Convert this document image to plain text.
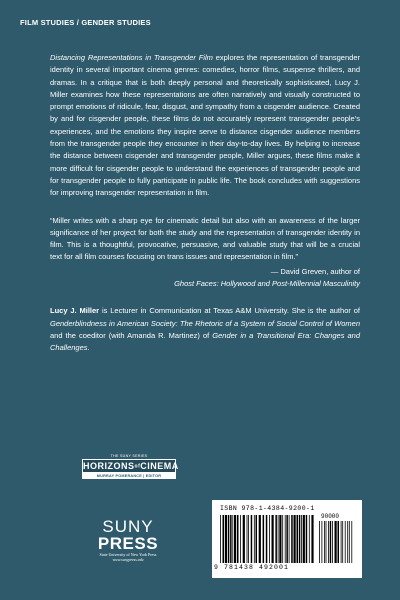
FILM STUDIES / GENDER STUDIES

Distancing Representations in Transgender Film explores the representation of transgender identity in several important cinema genres: comedies, horror films, suspense thrillers, and dramas. In a critique that is both deeply personal and theoretically sophisticated, Lucy J. Miller examines how these representations are often narratively and visually constructed to prompt emotions of ridicule, fear, disgust, and sympathy from a cisgender audience. Created by and for cisgender people, these films do not accurately represent transgender people’s experiences, and the emotions they inspire serve to distance cisgender audience members from the transgender people they encounter in their day-to-day lives. By helping to increase the distance between cisgender and transgender people, Miller argues, these films make it more difficult for cisgender people to understand the experiences of transgender people and for transgender people to fully participate in public life. The book concludes with suggestions for improving transgender representation in film.

“Miller writes with a sharp eye for cinematic detail but also with an awareness of the larger significance of her project for both the study and the representation of transgender identity in film. This is a thoughtful, provocative, persuasive, and valuable study that will be a crucial text for all film courses focusing on trans issues and representation in film.”

— David Greven, author of

Ghost Faces: Hollywood and Post-Millennial Masculinity

Lucy J. Miller is Lecturer in Communication at Texas A&M University. She is the author of Genderblindness in American Society: The Rhetoric of a System of Social Control of Women and the coeditor (with Amanda R. Martinez) of Gender in a Transitional Era: Changes and Challenges.

THE SUNY SERIES
HORIZONSofCINEMA
MURRAY POMERANCE | EDITOR
SUNY
PRESS
State University of New York Press
www.sunypress.edu
ISBN 978-1-4384-9200-1
90000
9 781438 492001
